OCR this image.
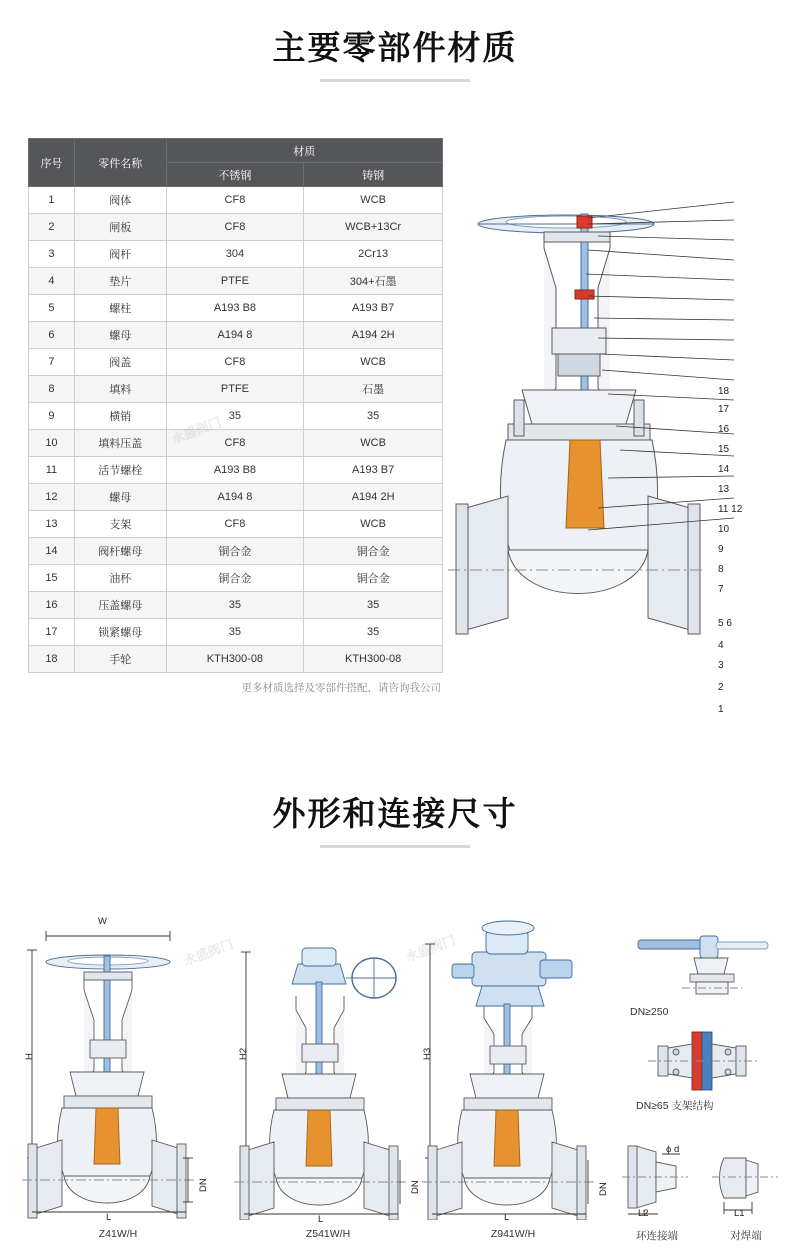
主要零部件材质
序号	零件名称	材质	
		不锈钢	铸钢
1	阀体	CF8	WCB
2	闸板	CF8	WCB+13Cr
3	阀杆	304	2Cr13
4	垫片	PTFE	304+石墨
5	螺柱	A193 B8	A193 B7
6	螺母	A194 8	A194 2H
7	阀盖	CF8	WCB
8	填料	PTFE	石墨
9	横销	35	35
10	填料压盖	CF8	WCB
11	活节螺栓	A193 B8	A193 B7
12	螺母	A194 8	A194 2H
13	支架	CF8	WCB
14	阀杆螺母	铜合金	铜合金
15	油杯	铜合金	铜合金
16	压盖螺母	35	35
17	锁紧螺母	35	35
18	手轮	KTH300-08	KTH300-08
更多材质选择及零部件搭配，请咨询我公司
18
17
16
15
14
13
11 12
10
9
8
7
5 6
4
3
2
1
外形和连接尺寸
W
H
DN
L
Z41W/H
H2
DN
L
Z541W/H
H3
DN
L
Z941W/H
DN≥250
DN≥65 支架结构
ϕ d
L2
环连接端
L1
对焊端
永盛阀门	永盛阀门
